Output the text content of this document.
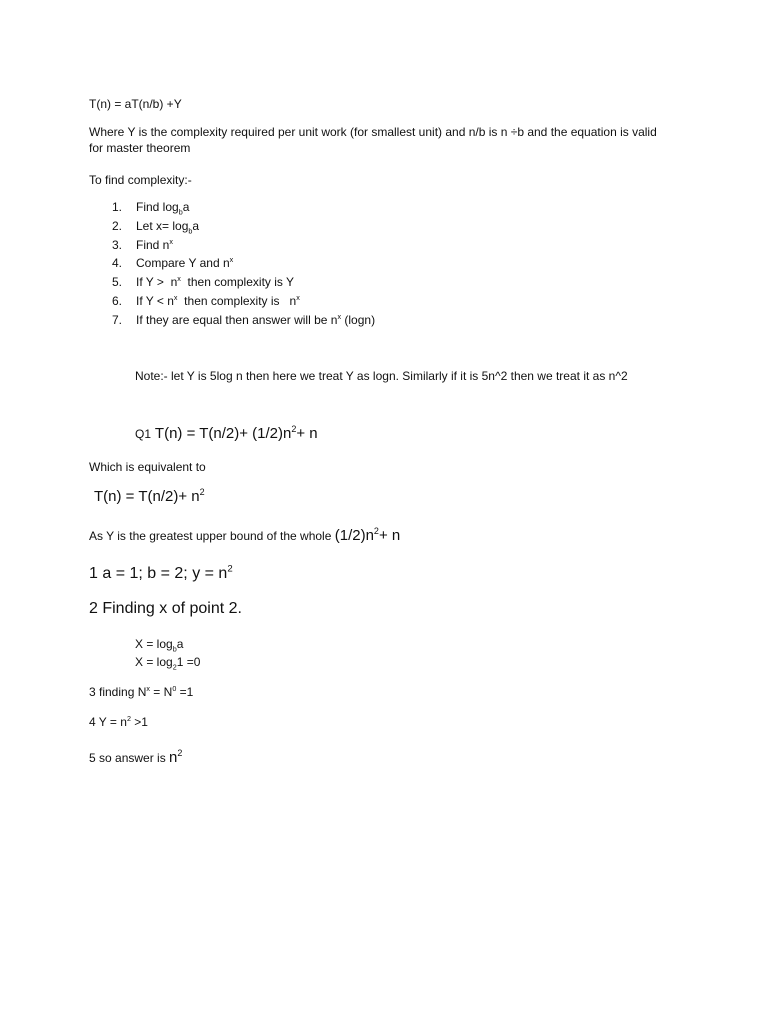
T(n) = aT(n/b) +Y

Where Y is the complexity required per unit work (for smallest unit) and n/b is n ÷b and the equation is valid for master theorem

To find complexity:-

1.	Find $\log_ba$
2.	Let $x= \log_ba$
3.	Find $n^x$
4.	Compare Y and $n^x$
5.	If $Y > n^x$  then complexity is Y
6.	If $Y < n^x$  then complexity is   $n^x$
7.	If they are equal then answer will be $n^x$ (logn)

Note:- let Y is 5log n then here we treat Y as logn. Similarly if it is 5n^2 then we treat it as n^2

Q1 $T(n) = T(n/2)+ (1/2)n^2+ n$

Which is equivalent to

$T(n) = T(n/2)+ n^2$

As Y is the greatest upper bound of the whole $(1/2)n^2+ n$

1 a = 1; b = 2; $y = n^2$

2 Finding x of point 2.

$X = \log_ba$

$X = \log_21 =0$

3 finding $N^x = N^0 =1$

4 $Y = n^2 >1$

5 so answer is $n^2$
